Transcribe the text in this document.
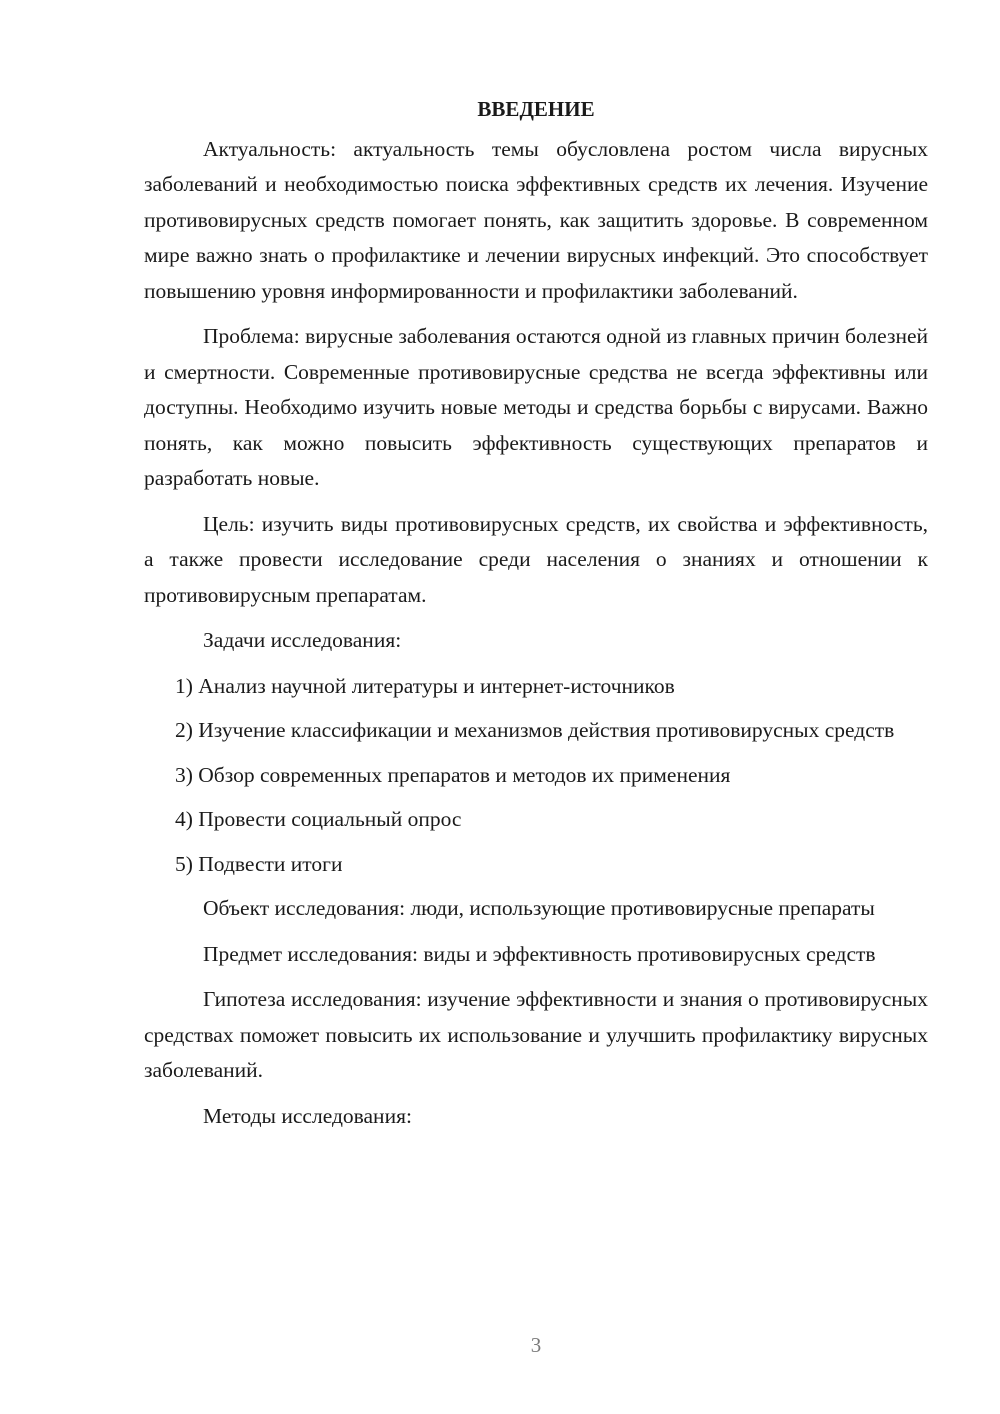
ВВЕДЕНИЕ

Актуальность: актуальность темы обусловлена ростом числа вирусных заболеваний и необходимостью поиска эффективных средств их лечения. Изучение противовирусных средств помогает понять, как защитить здоровье. В современном мире важно знать о профилактике и лечении вирусных инфекций. Это способствует повышению уровня информированности и профилактики заболеваний.

Проблема: вирусные заболевания остаются одной из главных причин болезней и смертности. Современные противовирусные средства не всегда эффективны или доступны. Необходимо изучить новые методы и средства борьбы с вирусами. Важно понять, как можно повысить эффективность существующих препаратов и разработать новые.

Цель: изучить виды противовирусных средств, их свойства и эффективность, а также провести исследование среди населения о знаниях и отношении к противовирусным препаратам.

Задачи исследования:

1) Анализ научной литературы и интернет-источников

2) Изучение классификации и механизмов действия противовирусных средств

3) Обзор современных препаратов и методов их применения

4) Провести социальный опрос

5) Подвести итоги

Объект исследования: люди, использующие противовирусные препараты

Предмет исследования: виды и эффективность противовирусных средств

Гипотеза исследования: изучение эффективности и знания о противовирусных средствах поможет повысить их использование и улучшить профилактику вирусных заболеваний.

Методы исследования:

3
